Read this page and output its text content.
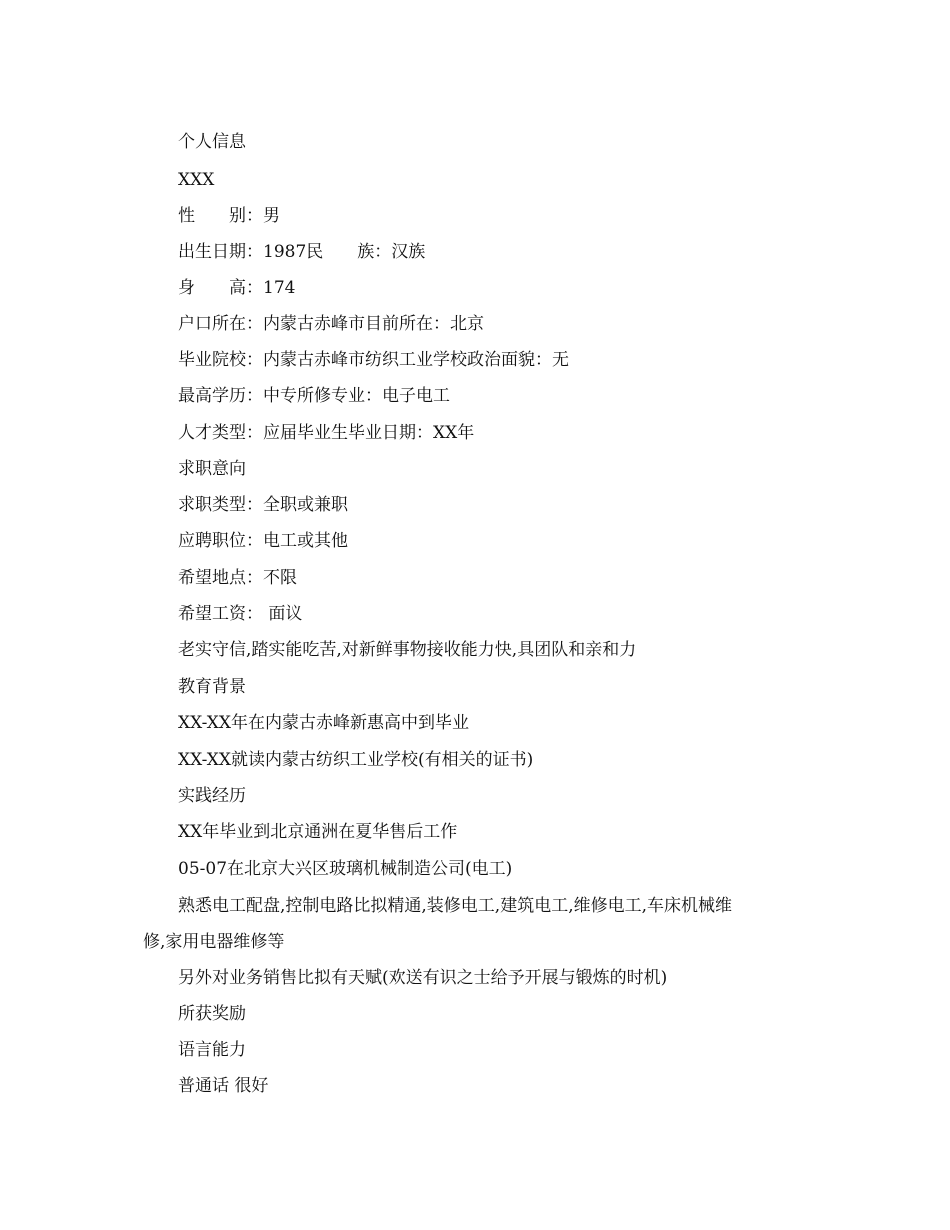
个人信息

XXX

性　　别：男

出生日期：1987民　　族：汉族

身　　高：174

户口所在：内蒙古赤峰市目前所在：北京

毕业院校：内蒙古赤峰市纺织工业学校政治面貌：无

最高学历：中专所修专业：电子电工

人才类型：应届毕业生毕业日期：XX年

求职意向

求职类型：全职或兼职

应聘职位：电工或其他

希望地点：不限

希望工资： 面议

老实守信,踏实能吃苦,对新鲜事物接收能力快,具团队和亲和力

教育背景

XX-XX年在内蒙古赤峰新惠高中到毕业

XX-XX就读内蒙古纺织工业学校(有相关的证书)

实践经历

XX年毕业到北京通洲在夏华售后工作

05-07在北京大兴区玻璃机械制造公司(电工)

熟悉电工配盘,控制电路比拟精通,装修电工,建筑电工,维修电工,车床机械维

修,家用电器维修等

另外对业务销售比拟有天赋(欢送有识之士给予开展与锻炼的时机)

所获奖励

语言能力

普通话 很好
